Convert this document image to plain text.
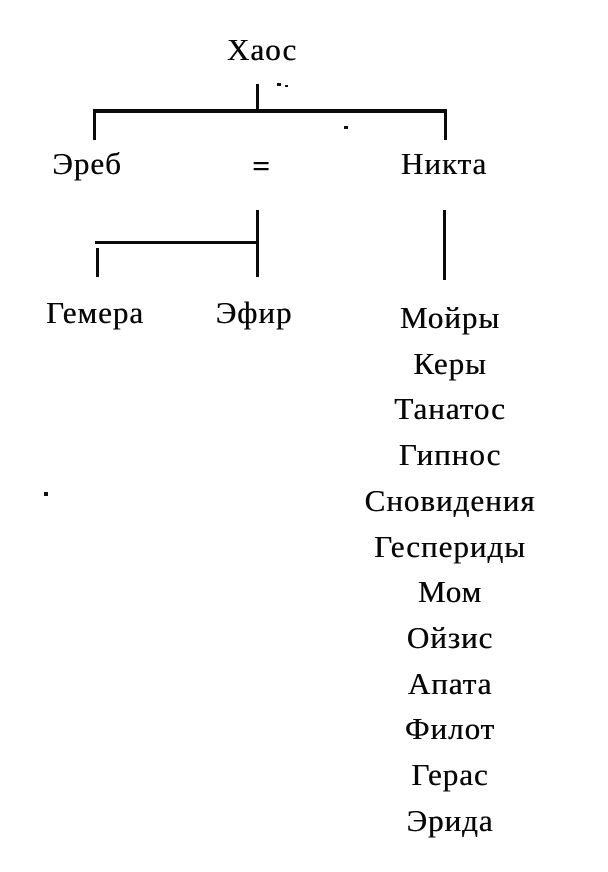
Хаос
Эреб	=	Никта
Гемера Эфир	Мойры
Керы
Танатос
Гипнос
Сновидения
Геспериды
Мом
Ойзис
Апата
Филот
Герас
Эрида
